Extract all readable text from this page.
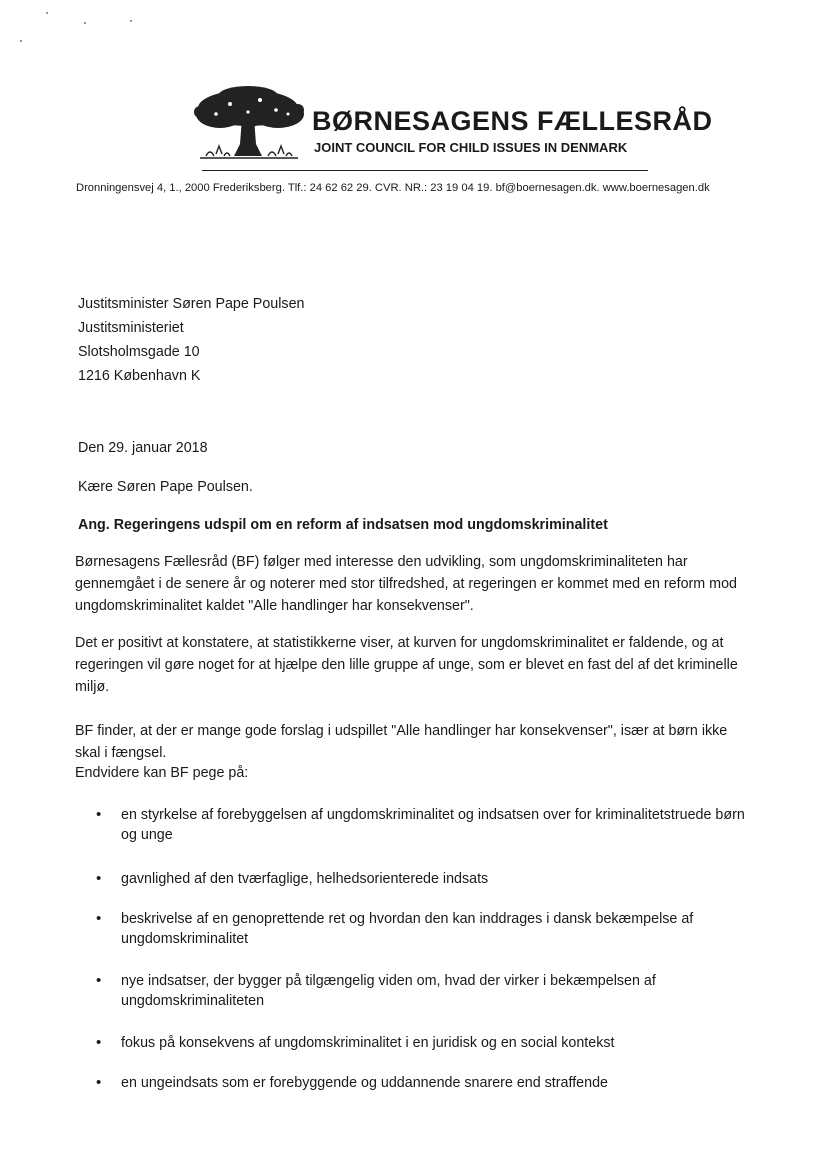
BØRNESAGENS FÆLLESRÅD
JOINT COUNCIL FOR CHILD ISSUES IN DENMARK
Dronningensvej 4, 1., 2000 Frederiksberg. Tlf.: 24 62 62 29. CVR. NR.: 23 19 04 19. bf@boernesagen.dk. www.boernesagen.dk
Justitsminister Søren Pape Poulsen
Justitsministeriet
Slotsholmsgade 10
1216 København K
Den 29. januar 2018
Kære Søren Pape Poulsen.
Ang. Regeringens udspil om en reform af indsatsen mod ungdomskriminalitet
Børnesagens Fællesråd (BF) følger med interesse den udvikling, som ungdomskriminaliteten har gennemgået i de senere år og noterer med stor tilfredshed, at regeringen er kommet med en reform mod ungdomskriminalitet kaldet "Alle handlinger har konsekvenser".
Det er positivt at konstatere, at statistikkerne viser, at kurven for ungdomskriminalitet er faldende, og at regeringen vil gøre noget for at hjælpe den lille gruppe af unge, som er blevet en fast del af det kriminelle miljø.
BF finder, at der er mange gode forslag i udspillet "Alle handlinger har konsekvenser", især at børn ikke skal i fængsel.
Endvidere kan BF pege på:
• en styrkelse af forebyggelsen af ungdomskriminalitet og indsatsen over for kriminalitetstruede børn og unge
• gavnlighed af den tværfaglige, helhedsorienterede indsats
• beskrivelse af en genoprettende ret og hvordan den kan inddrages i dansk bekæmpelse af ungdomskriminalitet
• nye indsatser, der bygger på tilgængelig viden om, hvad der virker i bekæmpelsen af ungdomskriminaliteten
• fokus på konsekvens af ungdomskriminalitet i en juridisk og en social kontekst
• en ungeindsats som er forebyggende og uddannende snarere end straffende
